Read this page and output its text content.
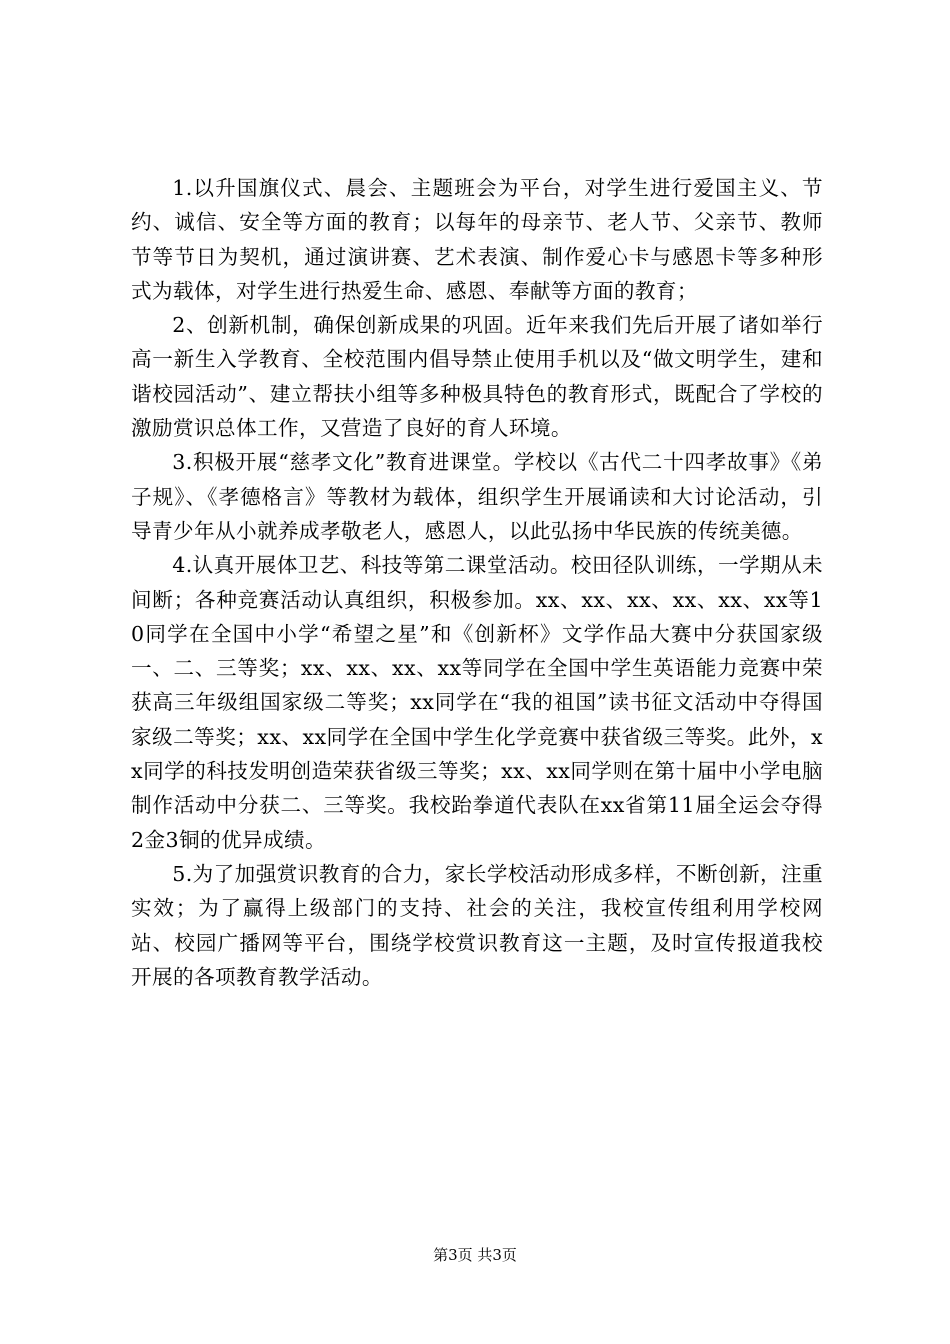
1.以升国旗仪式、晨会、主题班会为平台，对学生进行爱国主义、节约、诚信、安全等方面的教育；以每年的母亲节、老人节、父亲节、教师节等节日为契机，通过演讲赛、艺术表演、制作爱心卡与感恩卡等多种形式为载体，对学生进行热爱生命、感恩、奉献等方面的教育；

2、创新机制，确保创新成果的巩固。近年来我们先后开展了诸如举行高一新生入学教育、全校范围内倡导禁止使用手机以及“做文明学生，建和谐校园活动”、建立帮扶小组等多种极具特色的教育形式，既配合了学校的激励赏识总体工作，又营造了良好的育人环境。

3.积极开展“慈孝文化”教育进课堂。学校以《古代二十四孝故事》《弟子规》、《孝德格言》等教材为载体，组织学生开展诵读和大讨论活动，引导青少年从小就养成孝敬老人，感恩人，以此弘扬中华民族的传统美德。

4.认真开展体卫艺、科技等第二课堂活动。校田径队训练，一学期从未间断；各种竞赛活动认真组织，积极参加。xx、xx、xx、xx、xx、xx等10同学在全国中小学“希望之星”和《创新杯》文学作品大赛中分获国家级一、二、三等奖；xx、xx、xx、xx等同学在全国中学生英语能力竞赛中荣获高三年级组国家级二等奖；xx同学在“我的祖国”读书征文活动中夺得国家级二等奖；xx、xx同学在全国中学生化学竞赛中获省级三等奖。此外，xx同学的科技发明创造荣获省级三等奖；xx、xx同学则在第十届中小学电脑制作活动中分获二、三等奖。我校跆拳道代表队在xx省第11届全运会夺得2金3铜的优异成绩。

5.为了加强赏识教育的合力，家长学校活动形成多样，不断创新，注重实效；为了赢得上级部门的支持、社会的关注，我校宣传组利用学校网站、校园广播网等平台，围绕学校赏识教育这一主题，及时宣传报道我校开展的各项教育教学活动。

第3页 共3页
